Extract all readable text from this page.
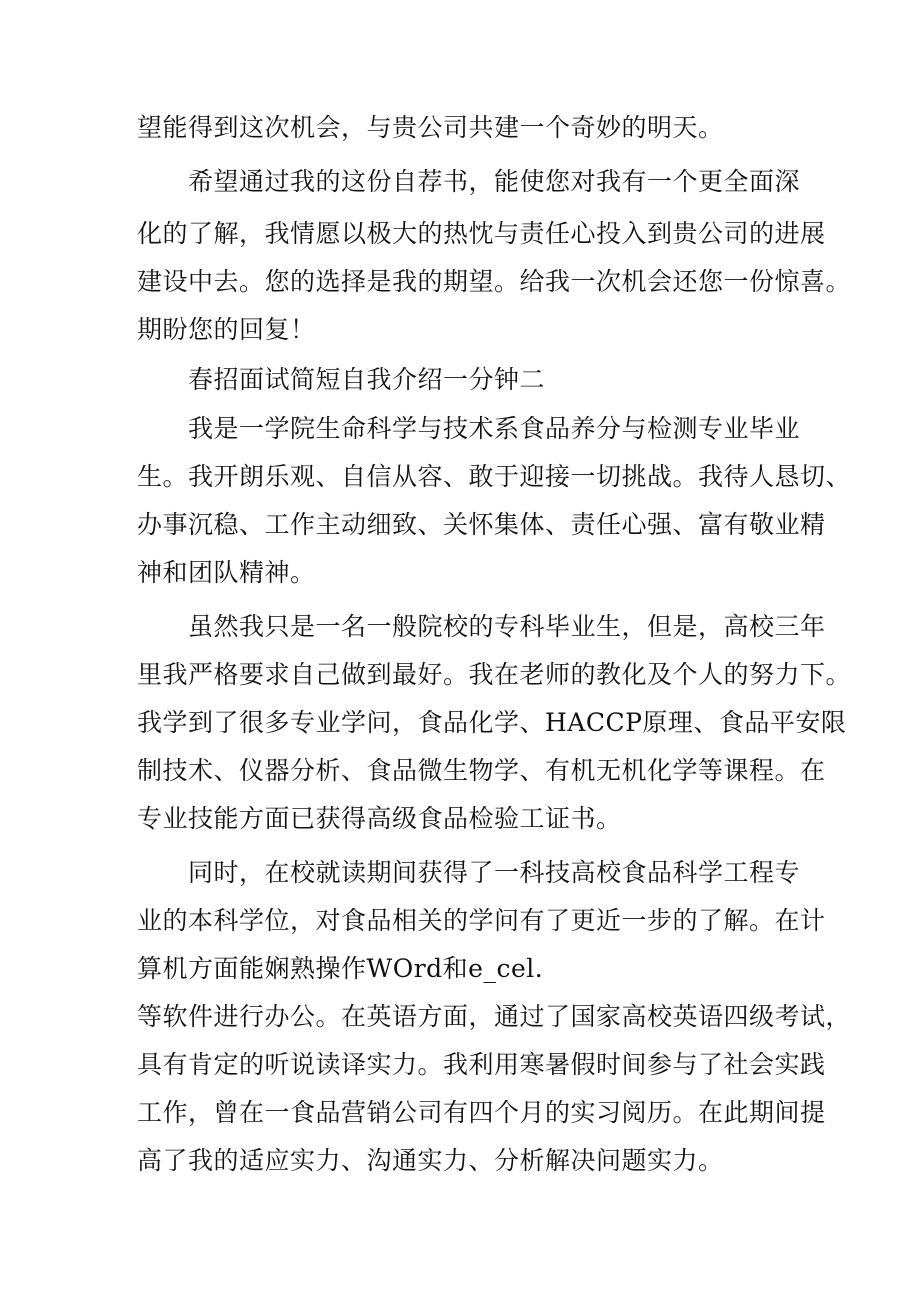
望能得到这次机会，与贵公司共建一个奇妙的明天。
希望通过我的这份自荐书，能使您对我有一个更全面深
化的了解，我情愿以极大的热忱与责任心投入到贵公司的进展
建设中去。您的选择是我的期望。给我一次机会还您一份惊喜。
期盼您的回复！
春招面试简短自我介绍一分钟二
我是一学院生命科学与技术系食品养分与检测专业毕业
生。我开朗乐观、自信从容、敢于迎接一切挑战。我待人恳切、
办事沉稳、工作主动细致、关怀集体、责任心强、富有敬业精
神和团队精神。
虽然我只是一名一般院校的专科毕业生，但是，高校三年
里我严格要求自己做到最好。我在老师的教化及个人的努力下。
我学到了很多专业学问，食品化学、HACCP原理、食品平安限
制技术、仪器分析、食品微生物学、有机无机化学等课程。在
专业技能方面已获得高级食品检验工证书。
同时，在校就读期间获得了一科技高校食品科学工程专
业的本科学位，对食品相关的学问有了更近一步的了解。在计
算机方面能娴熟操作WOrd和e_cel.
等软件进行办公。在英语方面，通过了国家高校英语四级考试，
具有肯定的听说读译实力。我利用寒暑假时间参与了社会实践
工作，曾在一食品营销公司有四个月的实习阅历。在此期间提
高了我的适应实力、沟通实力、分析解决问题实力。
